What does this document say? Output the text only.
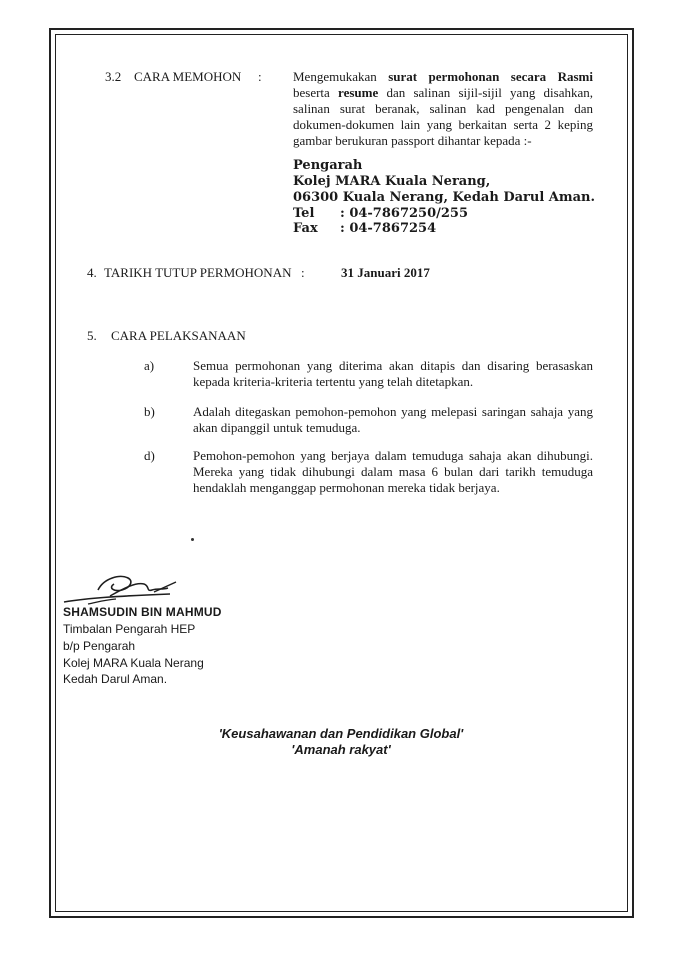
3.2 CARA MEMOHON : Mengemukakan surat permohonan secara Rasmi beserta resume dan salinan sijil-sijil yang disahkan, salinan surat beranak, salinan kad pengenalan dan dokumen-dokumen lain yang berkaitan serta 2 keping gambar berukuran passport dihantar kepada :-
Pengarah
Kolej MARA Kuala Nerang,
06300 Kuala Nerang, Kedah Darul Aman.
Tel : 04-7867250/255
Fax : 04-7867254
4. TARIKH TUTUP PERMOHONAN :	31 Januari 2017
5. CARA PELAKSANAAN
a)	Semua permohonan yang diterima akan ditapis dan disaring berasaskan kepada kriteria-kriteria tertentu yang telah ditetapkan.
b)	Adalah ditegaskan pemohon-pemohon yang melepasi saringan sahaja yang akan dipanggil untuk temuduga.
d)	Pemohon-pemohon yang berjaya dalam temuduga sahaja akan dihubungi. Mereka yang tidak dihubungi dalam masa 6 bulan dari tarikh temuduga hendaklah menganggap permohonan mereka tidak berjaya.
SHAMSUDIN BIN MAHMUD
Timbalan Pengarah HEP
b/p Pengarah
Kolej MARA Kuala Nerang
Kedah Darul Aman.
'Keusahawanan dan Pendidikan Global'
'Amanah rakyat'
